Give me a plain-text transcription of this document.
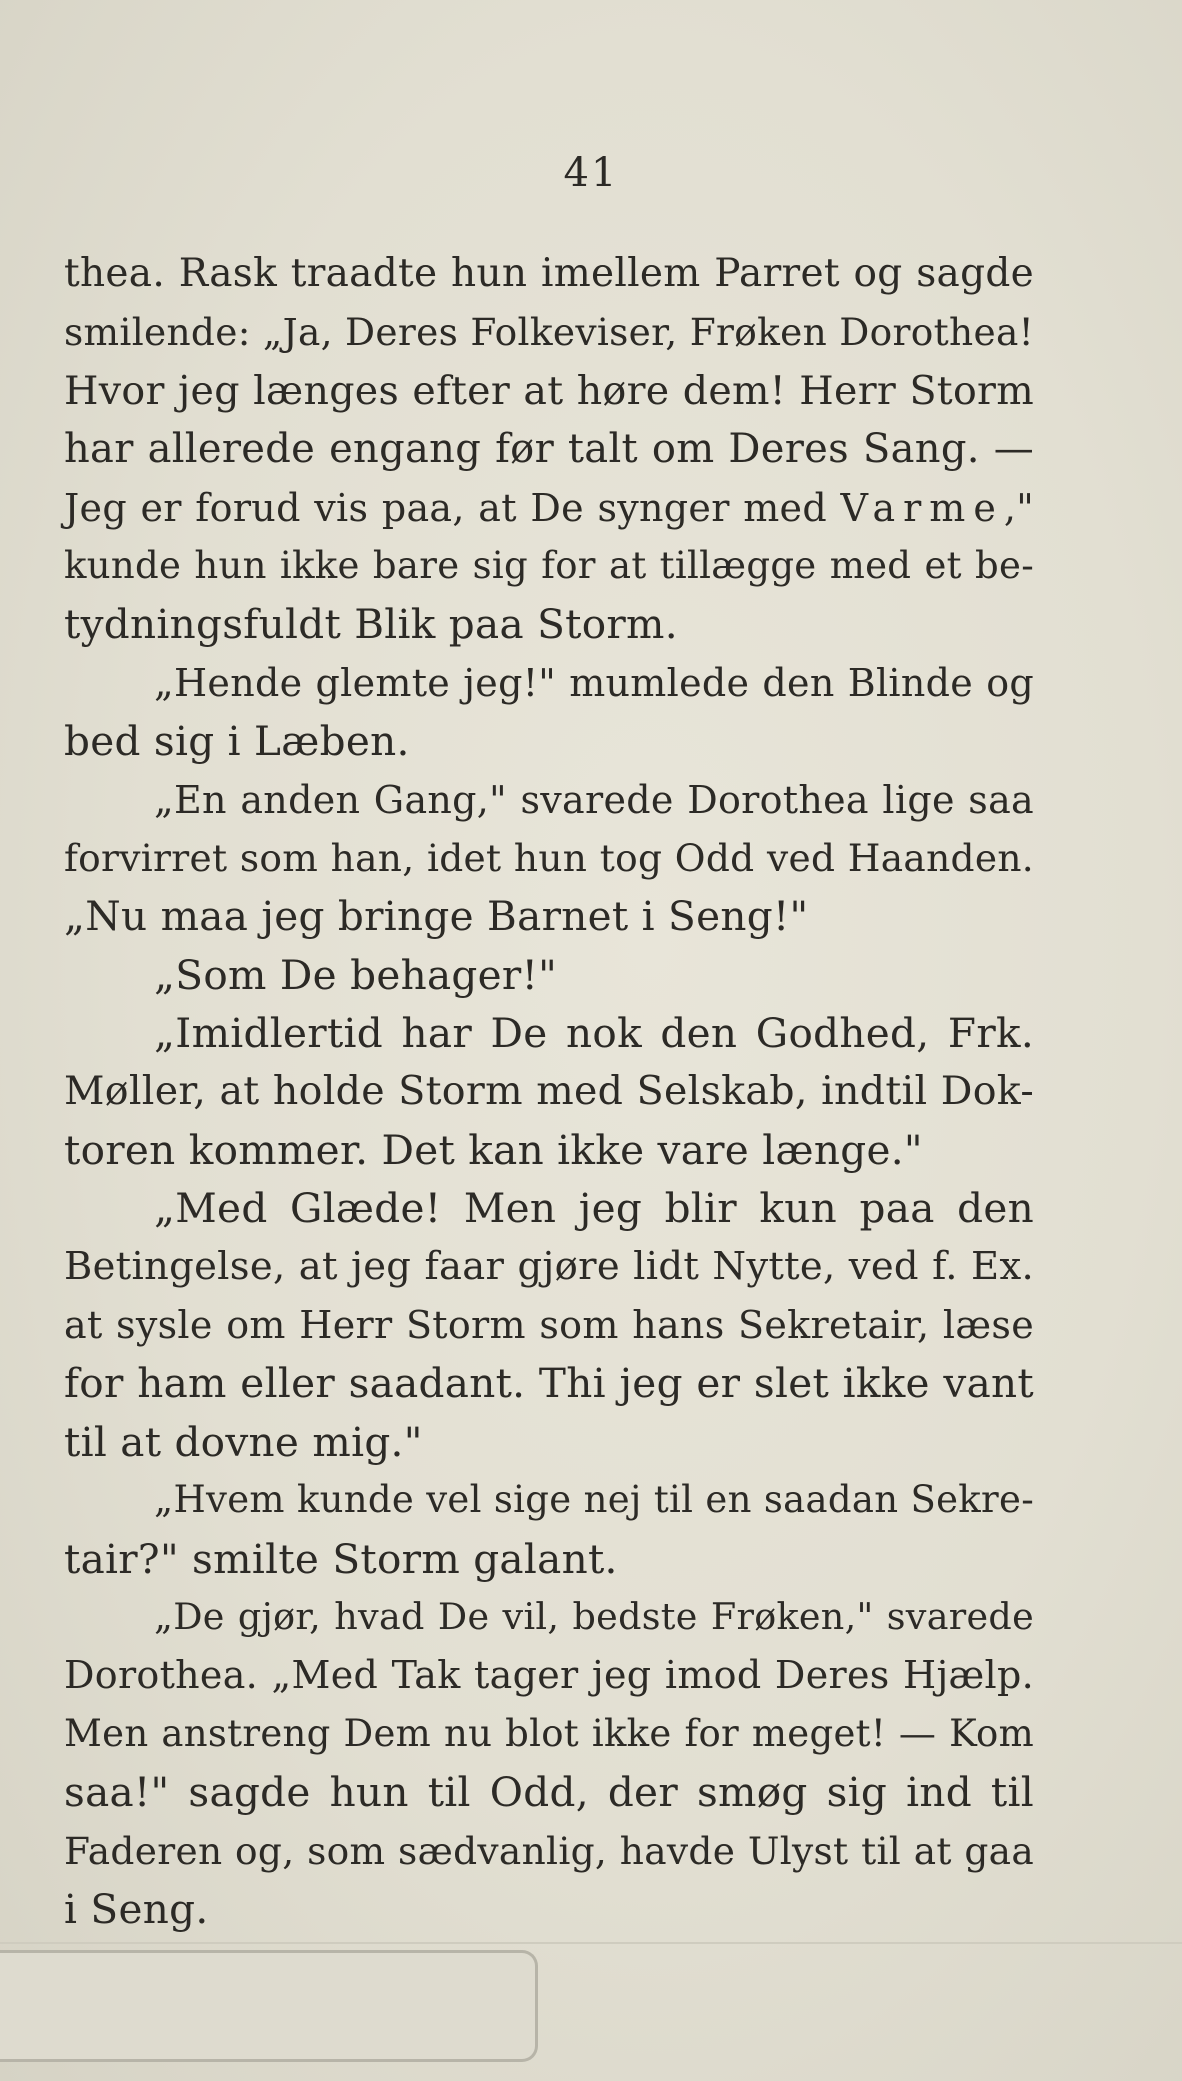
41
thea. Rask traadte hun imellem Parret og sagde
smilende: „Ja, Deres Folkeviser, Frøken Dorothea!
Hvor jeg længes efter at høre dem! Herr Storm
har allerede engang før talt om Deres Sang. —
Jeg er forud vis paa, at De synger med Varme,"
kunde hun ikke bare sig for at tillægge med et be-
tydningsfuldt Blik paa Storm.
„Hende glemte jeg!" mumlede den Blinde og
bed sig i Læben.
„En anden Gang," svarede Dorothea lige saa
forvirret som han, idet hun tog Odd ved Haanden.
„Nu maa jeg bringe Barnet i Seng!"
„Som De behager!"
„Imidlertid har De nok den Godhed, Frk.
Møller, at holde Storm med Selskab, indtil Dok-
toren kommer. Det kan ikke vare længe."
„Med Glæde! Men jeg blir kun paa den
Betingelse, at jeg faar gjøre lidt Nytte, ved f. Ex.
at sysle om Herr Storm som hans Sekretair, læse
for ham eller saadant. Thi jeg er slet ikke vant
til at dovne mig."
„Hvem kunde vel sige nej til en saadan Sekre-
tair?" smilte Storm galant.
„De gjør, hvad De vil, bedste Frøken," svarede
Dorothea. „Med Tak tager jeg imod Deres Hjælp.
Men anstreng Dem nu blot ikke for meget! — Kom
saa!" sagde hun til Odd, der smøg sig ind til
Faderen og, som sædvanlig, havde Ulyst til at gaa
i Seng.
